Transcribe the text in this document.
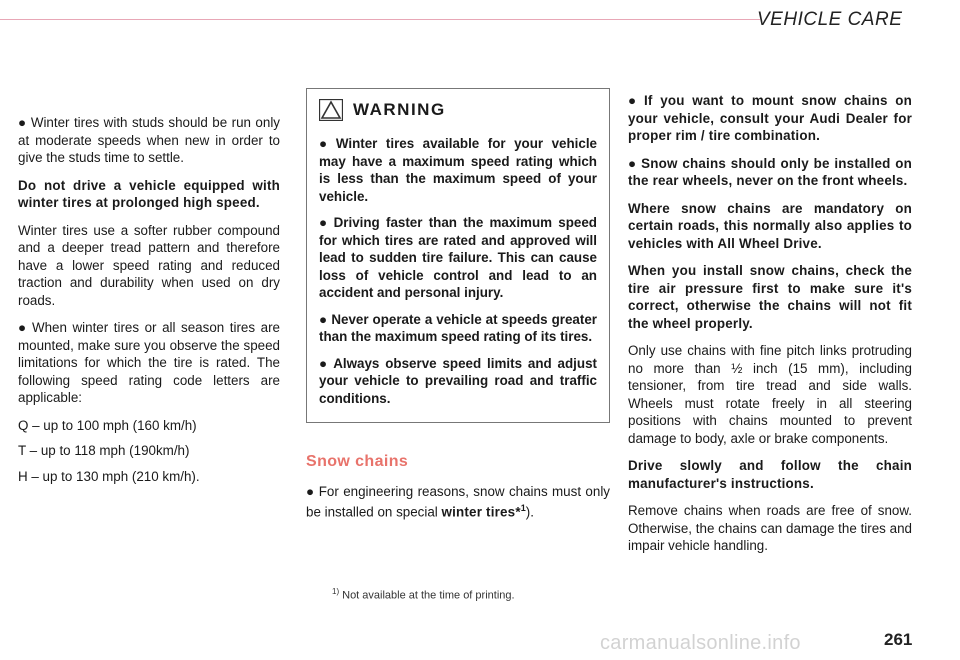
VEHICLE CARE

● Winter tires with studs should be run only at moderate speeds when new in order to give the studs time to settle.

Do not drive a vehicle equipped with winter tires at prolonged high speed.

Winter tires use a softer rubber compound and a deeper tread pattern and therefore have a lower speed rating and reduced traction and durability when used on dry roads.

● When winter tires or all season tires are mounted, make sure you observe the speed limitations for which the tire is rated. The following speed rating code letters are applicable:

Q – up to 100 mph (160 km/h)
T – up to 118 mph (190km/h)
H – up to 130 mph (210 km/h).
WARNING

● Winter tires available for your vehicle may have a maximum speed rating which is less than the maximum speed of your vehicle.

● Driving faster than the maximum speed for which tires are rated and approved will lead to sudden tire failure. This can cause loss of vehicle control and lead to an accident and personal injury.

● Never operate a vehicle at speeds greater than the maximum speed rating of its tires.

● Always observe speed limits and adjust your vehicle to prevailing road and traffic conditions.

Snow chains

● For engineering reasons, snow chains must only be installed on special winter tires*$^1$).

● If you want to mount snow chains on your vehicle, consult your Audi Dealer for proper rim / tire combination.

● Snow chains should only be installed on the rear wheels, never on the front wheels.

Where snow chains are mandatory on certain roads, this normally also applies to vehicles with All Wheel Drive.

When you install snow chains, check the tire air pressure first to make sure it's correct, otherwise the chains will not fit the wheel properly.

Only use chains with fine pitch links protruding no more than ½ inch (15 mm), including tensioner, from tire tread and side walls. Wheels must rotate freely in all steering positions with chains mounted to prevent damage to body, axle or brake components.

Drive slowly and follow the chain manufacturer's instructions.

Remove chains when roads are free of snow. Otherwise, the chains can damage the tires and impair vehicle handling.

$^{1)}$ Not available at the time of printing.
carmanualsonline.info	261
